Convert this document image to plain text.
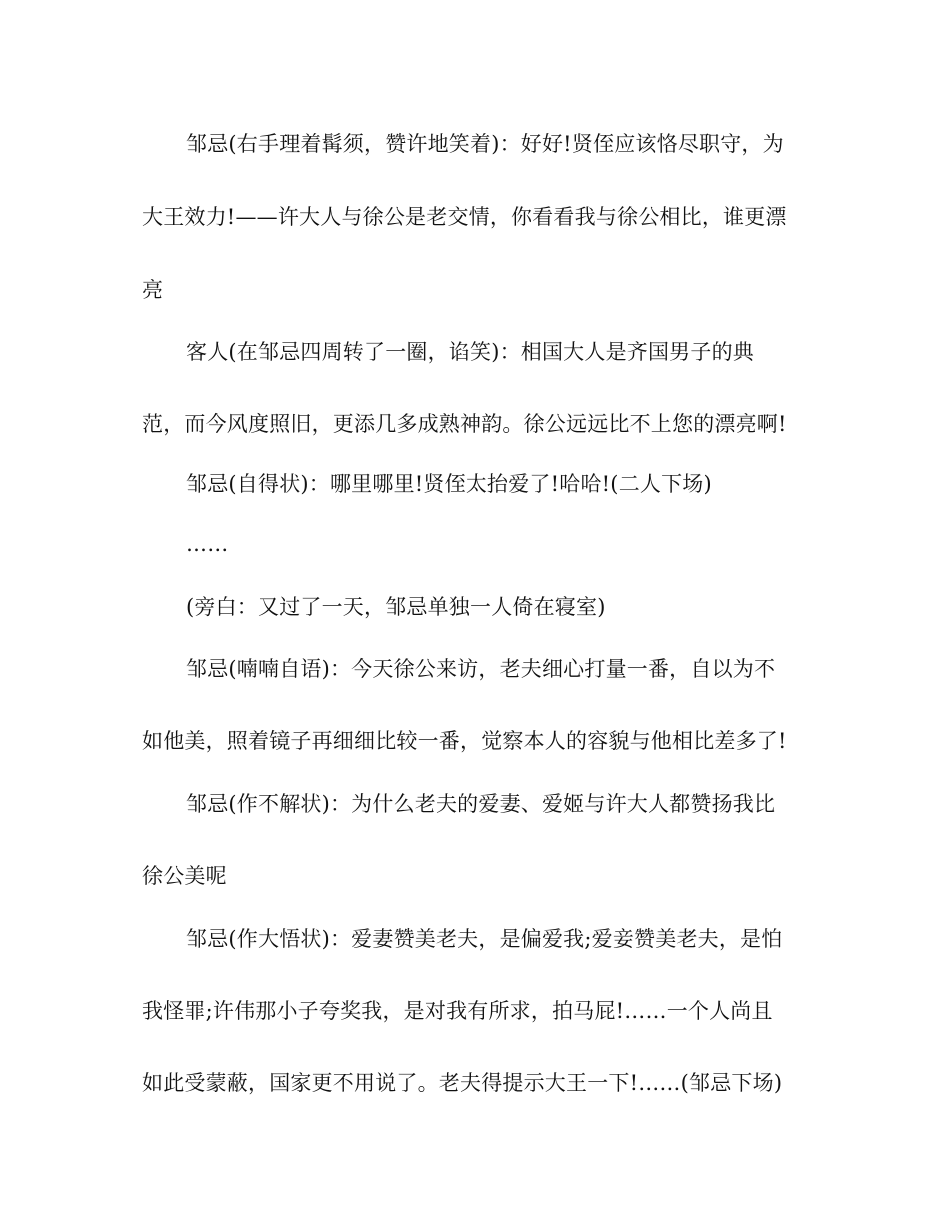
邹忌(右手理着髯须，赞许地笑着)：好好!贤侄应该恪尽职守，为
大王效力!——许大人与徐公是老交情，你看看我与徐公相比，谁更漂
亮
客人(在邹忌四周转了一圈，谄笑)：相国大人是齐国男子的典
范，而今风度照旧，更添几多成熟神韵。徐公远远比不上您的漂亮啊!
邹忌(自得状)：哪里哪里!贤侄太抬爱了!哈哈!(二人下场)
……
(旁白：又过了一天，邹忌单独一人倚在寝室)
邹忌(喃喃自语)：今天徐公来访，老夫细心打量一番，自以为不
如他美，照着镜子再细细比较一番，觉察本人的容貌与他相比差多了!
邹忌(作不解状)：为什么老夫的爱妻、爱姬与许大人都赞扬我比
徐公美呢
邹忌(作大悟状)：爱妻赞美老夫，是偏爱我;爱妾赞美老夫，是怕
我怪罪;许伟那小子夸奖我，是对我有所求，拍马屁!……一个人尚且
如此受蒙蔽，国家更不用说了。老夫得提示大王一下!……(邹忌下场)
